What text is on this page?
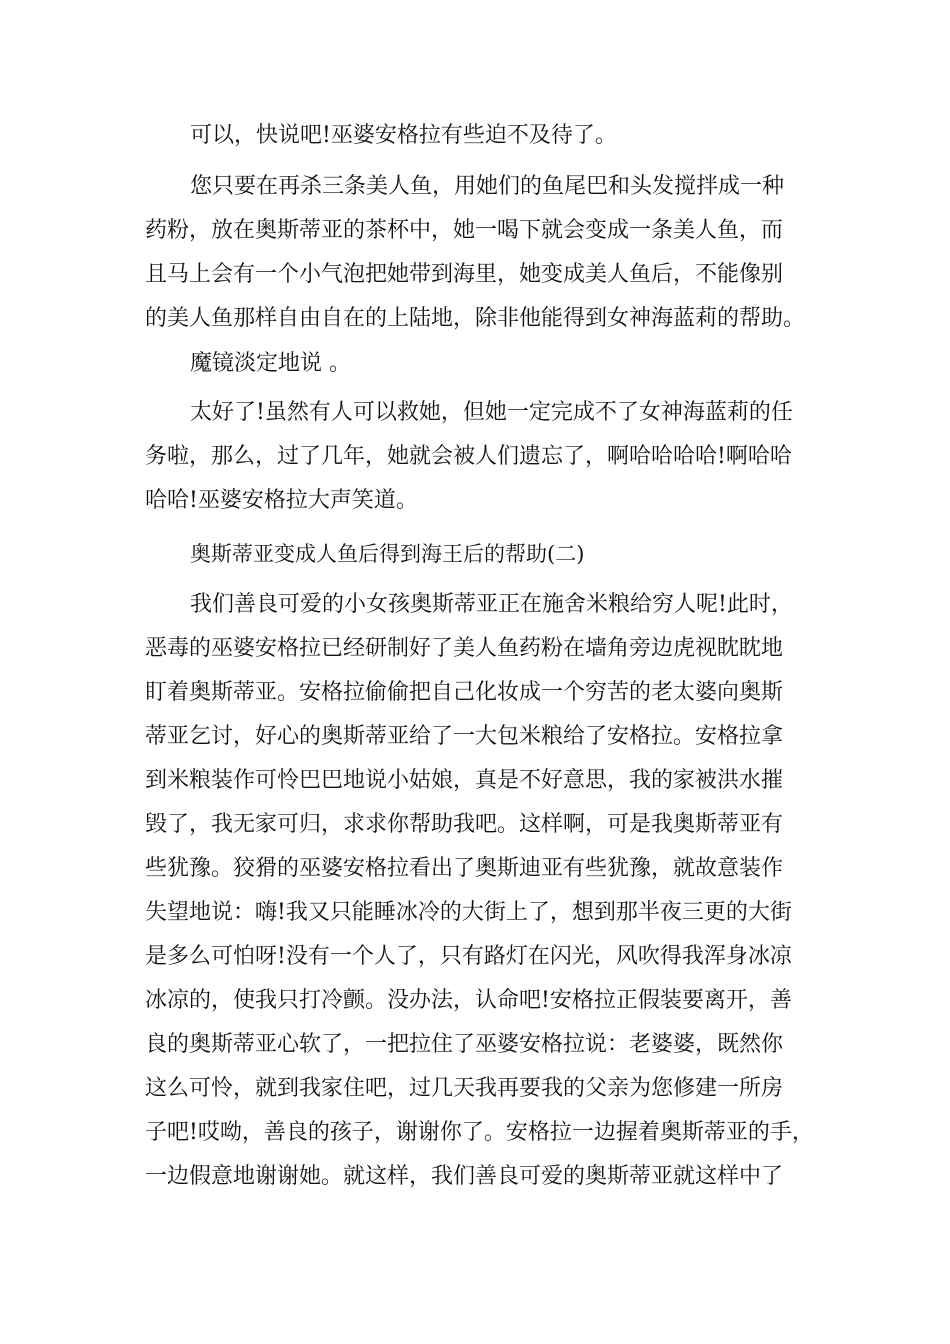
可以，快说吧!巫婆安格拉有些迫不及待了。
您只要在再杀三条美人鱼，用她们的鱼尾巴和头发搅拌成一种
药粉，放在奥斯蒂亚的茶杯中，她一喝下就会变成一条美人鱼，而
且马上会有一个小气泡把她带到海里，她变成美人鱼后，不能像别
的美人鱼那样自由自在的上陆地，除非他能得到女神海蓝莉的帮助。
魔镜淡定地说 。
太好了!虽然有人可以救她，但她一定完成不了女神海蓝莉的任
务啦，那么，过了几年，她就会被人们遗忘了，啊哈哈哈哈!啊哈哈
哈哈!巫婆安格拉大声笑道。
奥斯蒂亚变成人鱼后得到海王后的帮助(二)
我们善良可爱的小女孩奥斯蒂亚正在施舍米粮给穷人呢!此时，
恶毒的巫婆安格拉已经研制好了美人鱼药粉在墙角旁边虎视眈眈地
盯着奥斯蒂亚。安格拉偷偷把自己化妆成一个穷苦的老太婆向奥斯
蒂亚乞讨，好心的奥斯蒂亚给了一大包米粮给了安格拉。安格拉拿
到米粮装作可怜巴巴地说小姑娘，真是不好意思，我的家被洪水摧
毁了，我无家可归，求求你帮助我吧。这样啊，可是我奥斯蒂亚有
些犹豫。狡猾的巫婆安格拉看出了奥斯迪亚有些犹豫，就故意装作
失望地说：嗨!我又只能睡冰冷的大街上了，想到那半夜三更的大街
是多么可怕呀!没有一个人了，只有路灯在闪光，风吹得我浑身冰凉
冰凉的，使我只打冷颤。没办法，认命吧!安格拉正假装要离开，善
良的奥斯蒂亚心软了，一把拉住了巫婆安格拉说：老婆婆，既然你
这么可怜，就到我家住吧，过几天我再要我的父亲为您修建一所房
子吧!哎呦，善良的孩子，谢谢你了。安格拉一边握着奥斯蒂亚的手，
一边假意地谢谢她。就这样，我们善良可爱的奥斯蒂亚就这样中了
